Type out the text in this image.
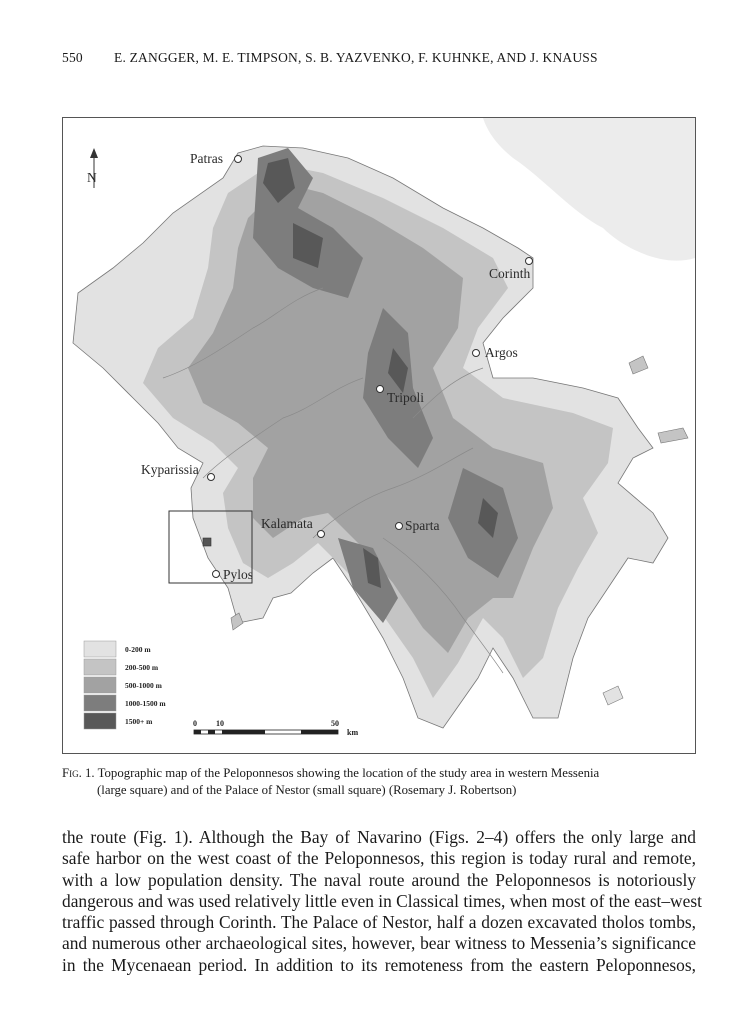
550 E. ZANGGER, M. E. TIMPSON, S. B. YAZVENKO, F. KUHNKE, AND J. KNAUSS
N
Patras
Corinth
Argos
Tripoli
Kyparissia
Kalamata	Sparta
Pylos
0-200 m
200-500 m
500-1000 m
1000-1500 m
1500+ m	0 10	50
km
Fig. 1. Topographic map of the Peloponnesos showing the location of the study area in western Messenia
(large square) and of the Palace of Nestor (small square) (Rosemary J. Robertson)
the route (Fig. 1). Although the Bay of Navarino (Figs. 2–4) offers the only large and
safe harbor on the west coast of the Peloponnesos, this region is today rural and remote,
with a low population density. The naval route around the Peloponnesos is notoriously
dangerous and was used relatively little even in Classical times, when most of the east–west
traffic passed through Corinth. The Palace of Nestor, half a dozen excavated tholos tombs,
and numerous other archaeological sites, however, bear witness to Messenia’s significance
in the Mycenaean period. In addition to its remoteness from the eastern Peloponnesos,
